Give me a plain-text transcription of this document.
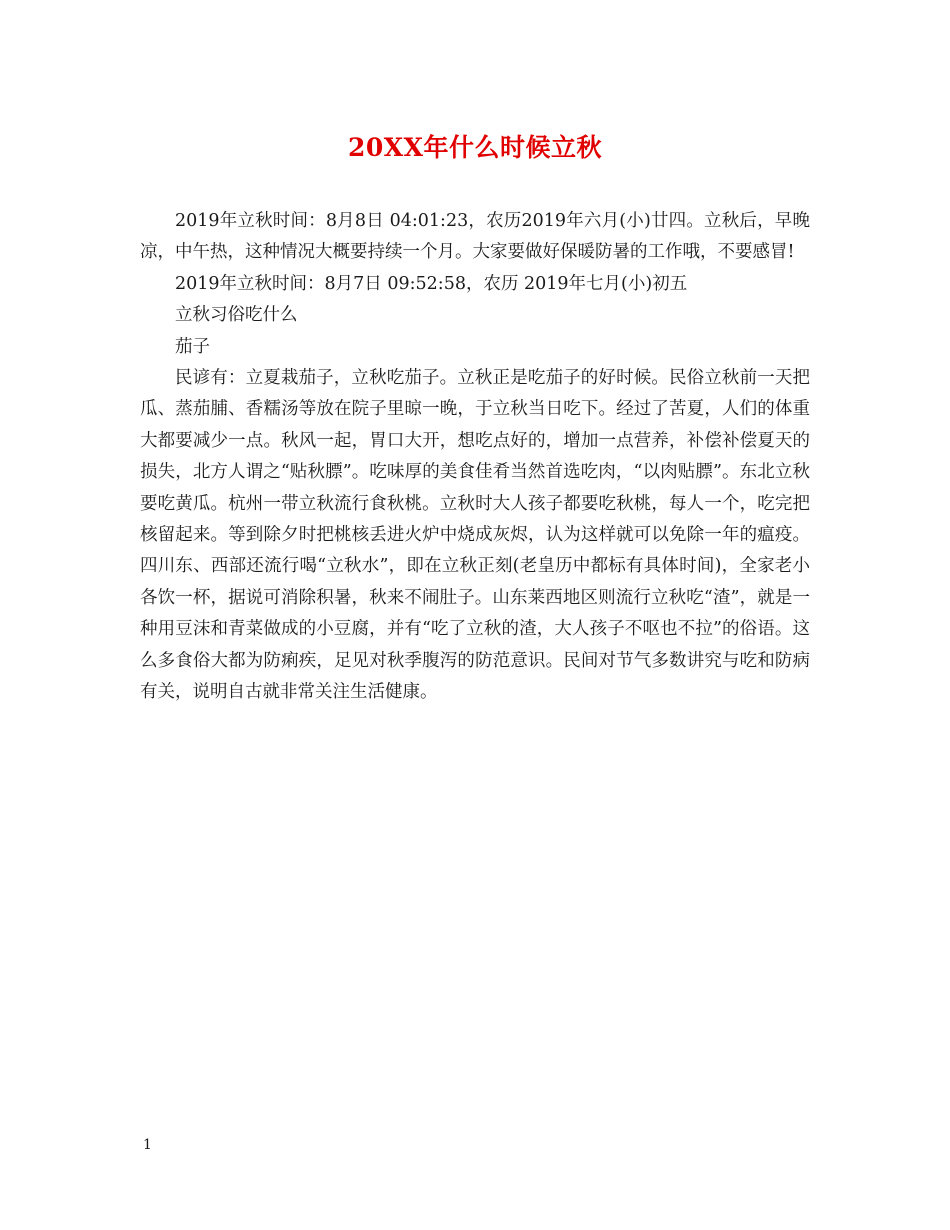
20XX年什么时候立秋

2019年立秋时间：8月8日 04:01:23，农历2019年六月(小)廿四。立秋后，早晚凉，中午热，这种情况大概要持续一个月。大家要做好保暖防暑的工作哦，不要感冒!

2019年立秋时间：8月7日 09:52:58，农历 2019年七月(小)初五

立秋习俗吃什么

茄子

民谚有：立夏栽茄子，立秋吃茄子。立秋正是吃茄子的好时候。民俗立秋前一天把瓜、蒸茄脯、香糯汤等放在院子里晾一晚，于立秋当日吃下。经过了苦夏，人们的体重大都要减少一点。秋风一起，胃口大开，想吃点好的，增加一点营养，补偿补偿夏天的损失，北方人谓之“贴秋膘”。吃味厚的美食佳肴当然首选吃肉，“以肉贴膘”。东北立秋要吃黄瓜。杭州一带立秋流行食秋桃。立秋时大人孩子都要吃秋桃，每人一个，吃完把核留起来。等到除夕时把桃核丢进火炉中烧成灰烬，认为这样就可以免除一年的瘟疫。四川东、西部还流行喝“立秋水”，即在立秋正刻(老皇历中都标有具体时间)，全家老小各饮一杯，据说可消除积暑，秋来不闹肚子。山东莱西地区则流行立秋吃“渣”，就是一种用豆沫和青菜做成的小豆腐，并有“吃了立秋的渣，大人孩子不呕也不拉”的俗语。这么多食俗大都为防痢疾，足见对秋季腹泻的防范意识。民间对节气多数讲究与吃和防病有关，说明自古就非常关注生活健康。

1
